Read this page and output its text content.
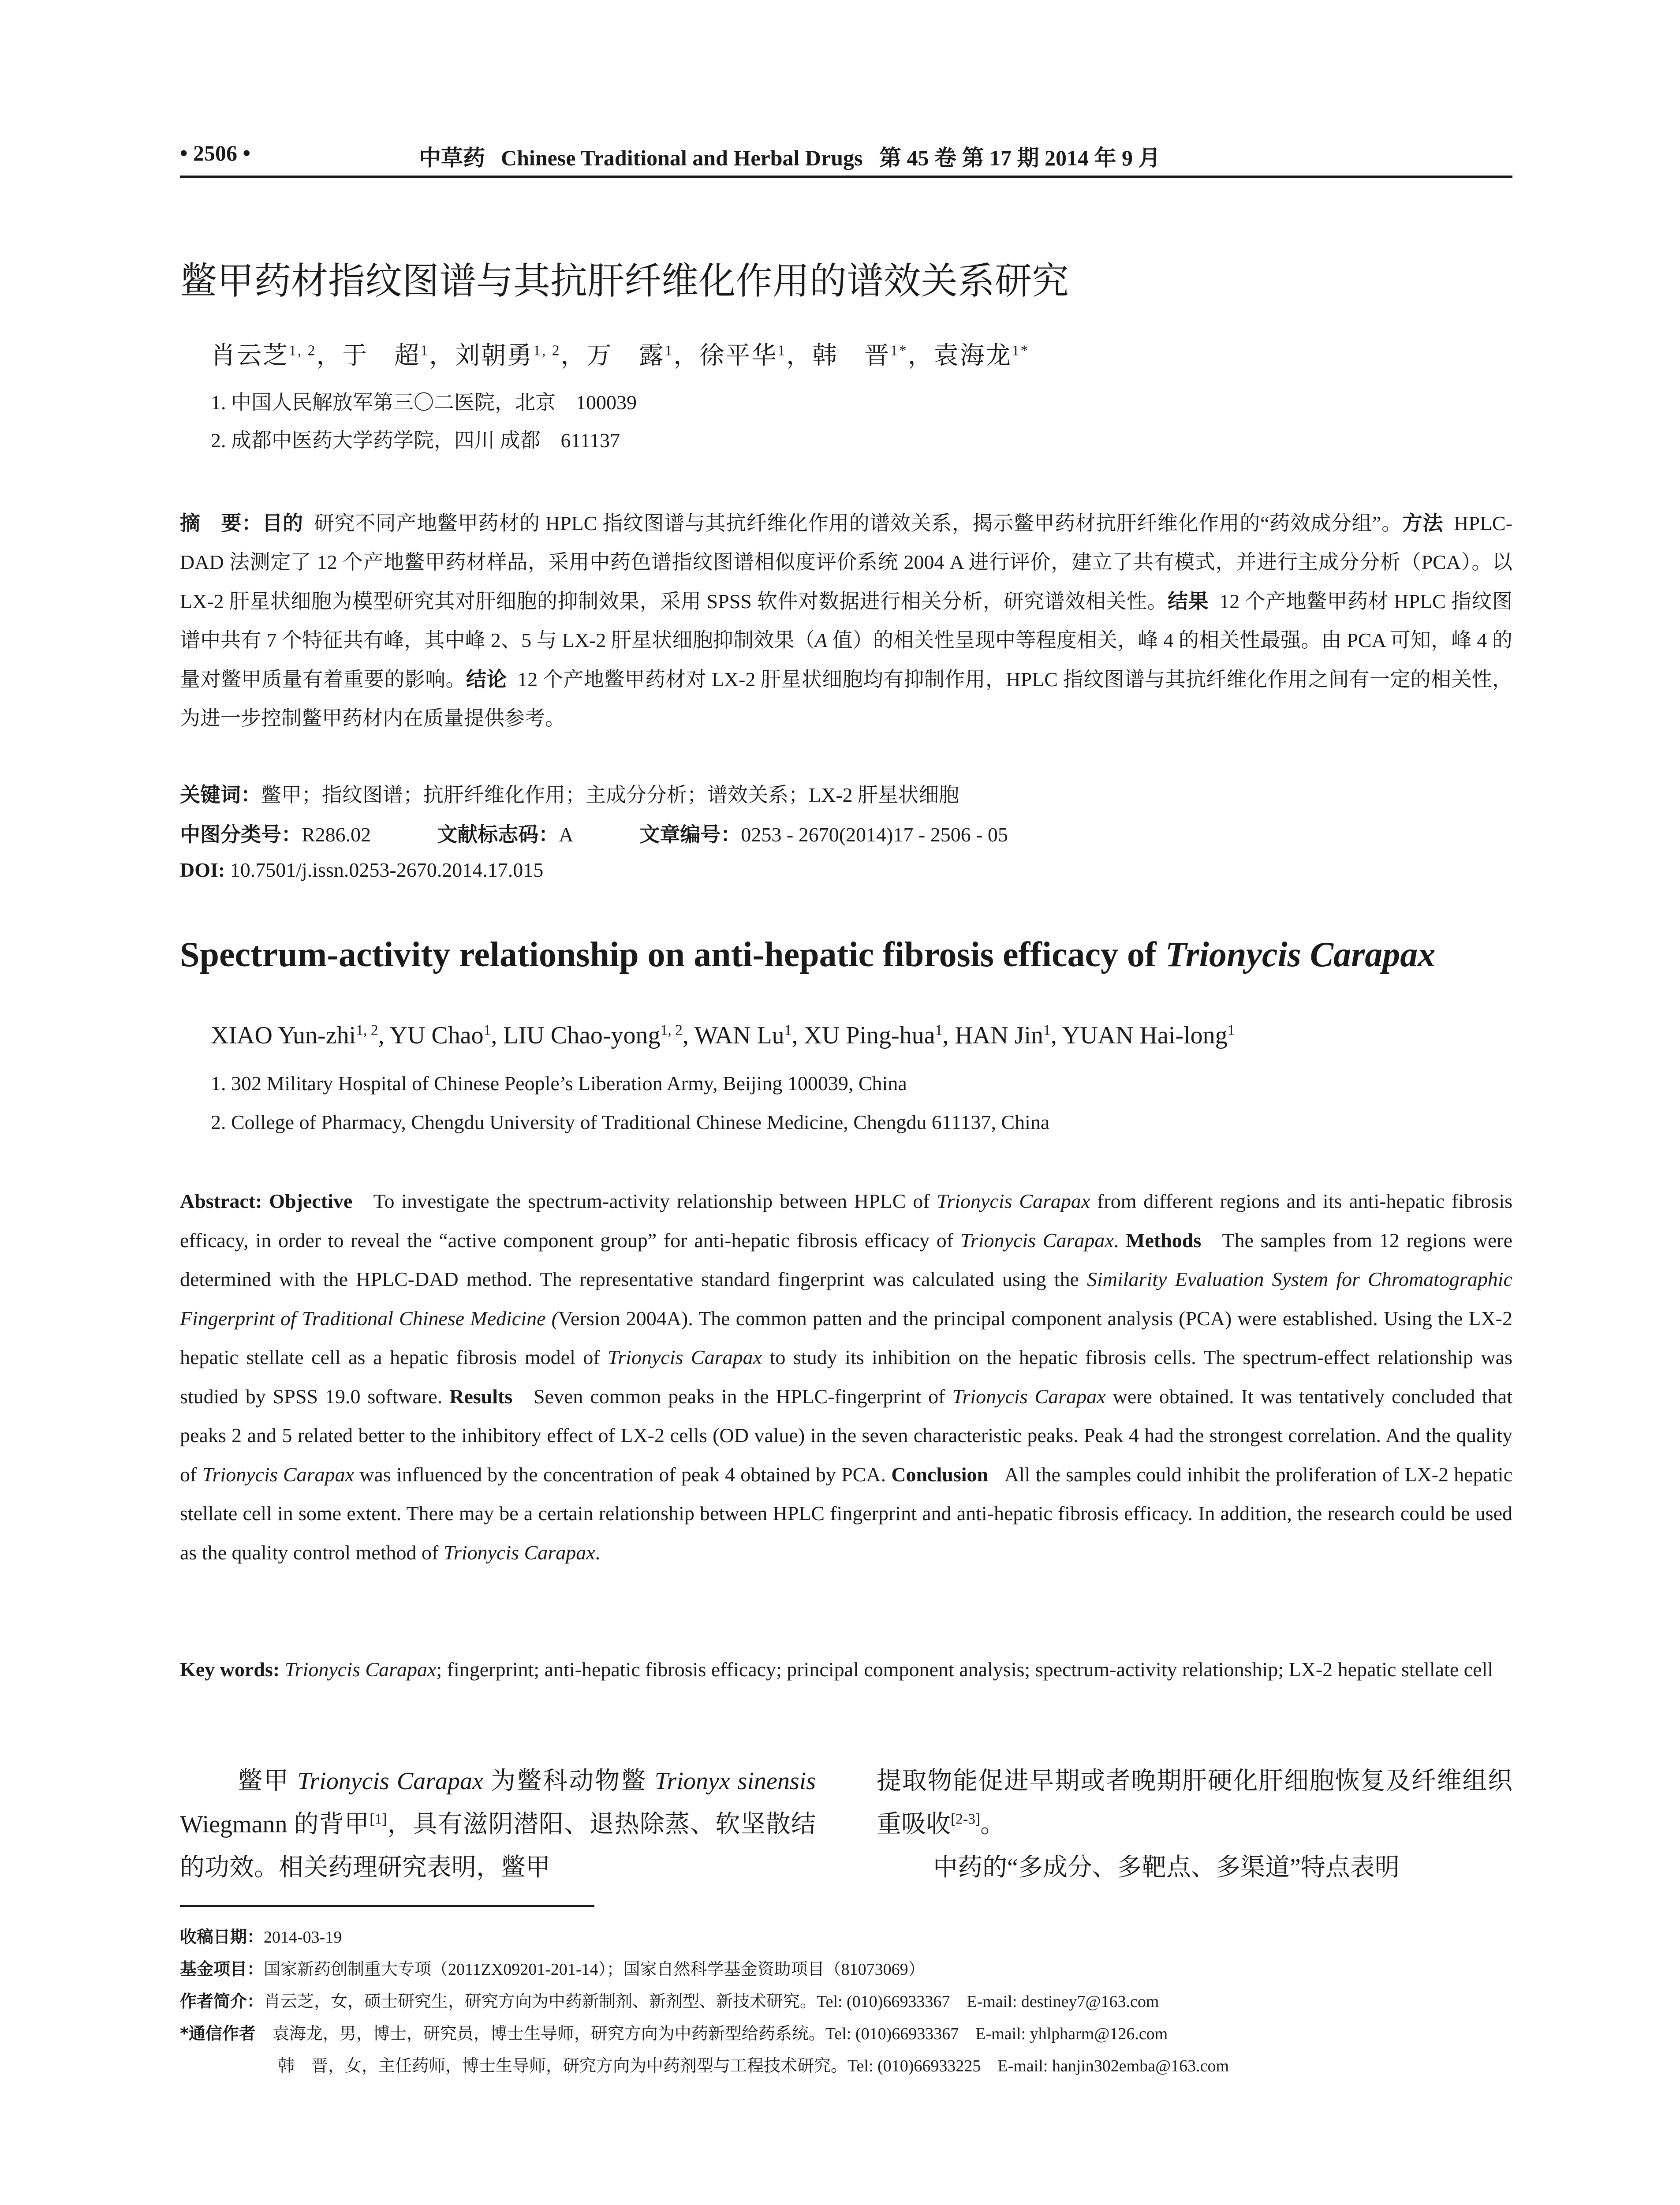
• 2506 •	中草药 Chinese Traditional and Herbal Drugs 第 45 卷 第 17 期 2014 年 9 月
鳖甲药材指纹图谱与其抗肝纤维化作用的谱效关系研究
肖云芝$^{1, 2}$，于　超$^1$，刘朝勇$^{1, 2}$，万　露$^1$，徐平华$^1$，韩　晋$^{1*}$，袁海龙$^{1*}$
1. 中国人民解放军第三〇二医院，北京　100039
2. 成都中医药大学药学院，四川 成都　611137
摘　要：目的 研究不同产地鳖甲药材的 HPLC 指纹图谱与其抗纤维化作用的谱效关系，揭示鳖甲药材抗肝纤维化作用的“药效成分组”。方法 HPLC-DAD 法测定了 12 个产地鳖甲药材样品，采用中药色谱指纹图谱相似度评价系统 2004 A 进行评价，建立了共有模式，并进行主成分分析（PCA）。以 LX-2 肝星状细胞为模型研究其对肝细胞的抑制效果，采用 SPSS 软件对数据进行相关分析，研究谱效相关性。结果 12 个产地鳖甲药材 HPLC 指纹图谱中共有 7 个特征共有峰，其中峰 2、5 与 LX-2 肝星状细胞抑制效果（A 值）的相关性呈现中等程度相关，峰 4 的相关性最强。由 PCA 可知，峰 4 的量对鳖甲质量有着重要的影响。结论 12 个产地鳖甲药材对 LX-2 肝星状细胞均有抑制作用，HPLC 指纹图谱与其抗纤维化作用之间有一定的相关性，为进一步控制鳖甲药材内在质量提供参考。
关键词：鳖甲；指纹图谱；抗肝纤维化作用；主成分分析；谱效关系；LX-2 肝星状细胞
中图分类号：R286.02	文献标志码：A	文章编号：0253 - 2670(2014)17 - 2506 - 05
DOI: 10.7501/j.issn.0253-2670.2014.17.015
Spectrum-activity relationship on anti-hepatic fibrosis efficacy of Trionycis Carapax
XIAO Yun-zhi$^{1, 2}$, YU Chao$^1$, LIU Chao-yong$^{1, 2}$, WAN Lu$^1$, XU Ping-hua$^1$, HAN Jin$^1$, YUAN Hai-long$^1$
1. 302 Military Hospital of Chinese People’s Liberation Army, Beijing 100039, China
2. College of Pharmacy, Chengdu University of Traditional Chinese Medicine, Chengdu 611137, China
Abstract: Objective To investigate the spectrum-activity relationship between HPLC of Trionycis Carapax from different regions and its anti-hepatic fibrosis efficacy, in order to reveal the “active component group” for anti-hepatic fibrosis efficacy of Trionycis Carapax. Methods The samples from 12 regions were determined with the HPLC-DAD method. The representative standard fingerprint was calculated using the Similarity Evaluation System for Chromatographic Fingerprint of Traditional Chinese Medicine (Version 2004A). The common patten and the principal component analysis (PCA) were established. Using the LX-2 hepatic stellate cell as a hepatic fibrosis model of Trionycis Carapax to study its inhibition on the hepatic fibrosis cells. The spectrum-effect relationship was studied by SPSS 19.0 software. Results Seven common peaks in the HPLC-fingerprint of Trionycis Carapax were obtained. It was tentatively concluded that peaks 2 and 5 related better to the inhibitory effect of LX-2 cells (OD value) in the seven characteristic peaks. Peak 4 had the strongest correlation. And the quality of Trionycis Carapax was influenced by the concentration of peak 4 obtained by PCA. Conclusion All the samples could inhibit the proliferation of LX-2 hepatic stellate cell in some extent. There may be a certain relationship between HPLC fingerprint and anti-hepatic fibrosis efficacy. In addition, the research could be used as the quality control method of Trionycis Carapax.
Key words: Trionycis Carapax; fingerprint; anti-hepatic fibrosis efficacy; principal component analysis; spectrum-activity relationship; LX-2 hepatic stellate cell
鳖甲 Trionycis Carapax 为鳖科动物鳖 Trionyx sinensis Wiegmann 的背甲[1]，具有滋阴潜阳、退热除蒸、软坚散结的功效。相关药理研究表明，鳖甲
提取物能促进早期或者晚期肝硬化肝细胞恢复及纤维组织重吸收[2-3]。
中药的“多成分、多靶点、多渠道”特点表明
收稿日期：2014-03-19
基金项目：国家新药创制重大专项（2011ZX09201-201-14）；国家自然科学基金资助项目（81073069）
作者简介：肖云芝，女，硕士研究生，研究方向为中药新制剂、新剂型、新技术研究。Tel: (010)66933367　E-mail: destiney7@163.com
*通信作者　袁海龙，男，博士，研究员，博士生导师，研究方向为中药新型给药系统。Tel: (010)66933367　E-mail: yhlpharm@126.com
韩　晋，女，主任药师，博士生导师，研究方向为中药剂型与工程技术研究。Tel: (010)66933225　E-mail: hanjin302emba@163.com
